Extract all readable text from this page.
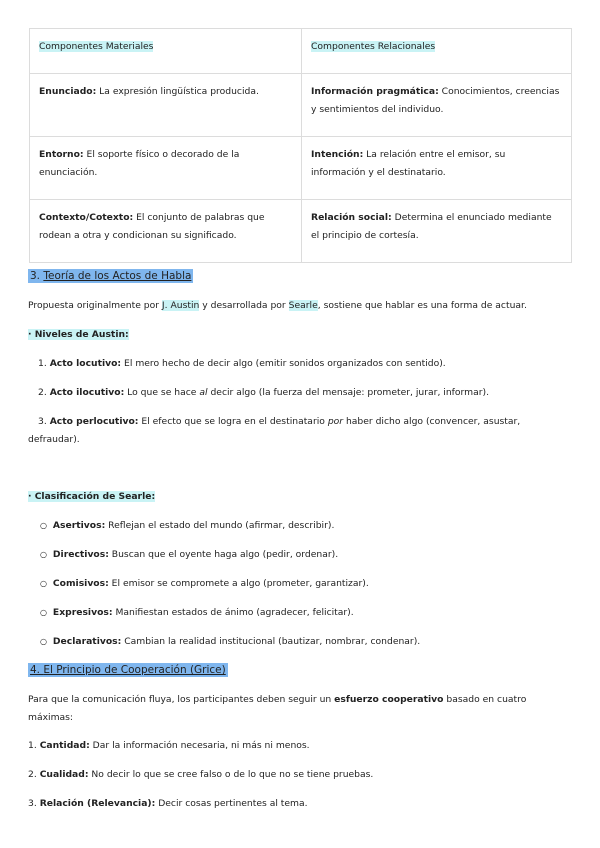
Componentes Materiales	Componentes Relacionales
Enunciado: La expresión lingüística producida.	Información pragmática: Conocimientos, creencias y sentimientos del individuo.
Entorno: El soporte físico o decorado de la enunciación.	Intención: La relación entre el emisor, su información y el destinatario.
Contexto/Cotexto: El conjunto de palabras que rodean a otra y condicionan su significado.	Relación social: Determina el enunciado mediante el principio de cortesía.
3. Teoría de los Actos de Habla
Propuesta originalmente por J. Austin y desarrollada por Searle, sostiene que hablar es una forma de actuar.
· Niveles de Austin:
1. Acto locutivo: El mero hecho de decir algo (emitir sonidos organizados con sentido).
2. Acto ilocutivo: Lo que se hace al decir algo (la fuerza del mensaje: prometer, jurar, informar).
3. Acto perlocutivo: El efecto que se logra en el destinatario por haber dicho algo (convencer, asustar, defraudar).
· Clasificación de Searle:
○ Asertivos: Reflejan el estado del mundo (afirmar, describir).
○ Directivos: Buscan que el oyente haga algo (pedir, ordenar).
○ Comisivos: El emisor se compromete a algo (prometer, garantizar).
○ Expresivos: Manifiestan estados de ánimo (agradecer, felicitar).
○ Declarativos: Cambian la realidad institucional (bautizar, nombrar, condenar).
4. El Principio de Cooperación (Grice)
Para que la comunicación fluya, los participantes deben seguir un esfuerzo cooperativo basado en cuatro máximas:
1. Cantidad: Dar la información necesaria, ni más ni menos.
2. Cualidad: No decir lo que se cree falso o de lo que no se tiene pruebas.
3. Relación (Relevancia): Decir cosas pertinentes al tema.
